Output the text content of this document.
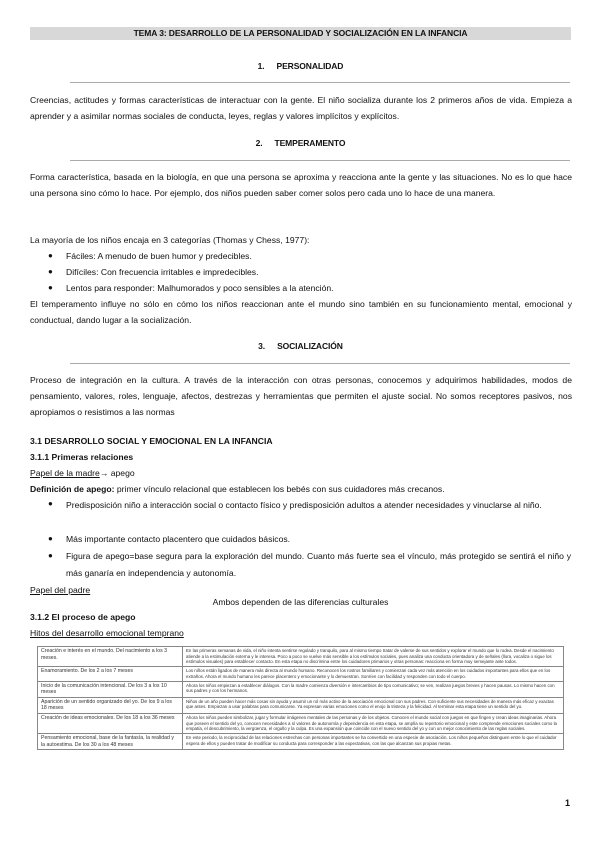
TEMA 3: DESARROLLO DE LA PERSONALIDAD Y SOCIALIZACIÓN EN LA INFANCIA
1. PERSONALIDAD
Creencias, actitudes y formas características de interactuar con la gente. El niño socializa durante los 2 primeros años de vida. Empieza a aprender y a asimilar normas sociales de conducta, leyes, reglas y valores implícitos y explícitos.
2. TEMPERAMENTO
Forma característica, basada en la biología, en que una persona se aproxima y reacciona ante la gente y las situaciones. No es lo que hace una persona sino cómo lo hace. Por ejemplo, dos niños pueden saber comer solos pero cada uno lo hace de una manera.
La mayoría de los niños encaja en 3 categorías (Thomas y Chess, 1977):
● Fáciles: A menudo de buen humor y predecibles.
● Difíciles: Con frecuencia irritables e impredecibles.
● Lentos para responder: Malhumorados y poco sensibles a la atención.
El temperamento influye no sólo en cómo los niños reaccionan ante el mundo sino también en su funcionamiento mental, emocional y conductual, dando lugar a la socialización.
3. SOCIALIZACIÓN
Proceso de integración en la cultura. A través de la interacción con otras personas, conocemos y adquirimos habilidades, modos de pensamiento, valores, roles, lenguaje, afectos, destrezas y herramientas que permiten el ajuste social. No somos receptores pasivos, nos apropiamos o resistimos a las normas
3.1 DESARROLLO SOCIAL Y EMOCIONAL EN LA INFANCIA
3.1.1 Primeras relaciones
Papel de la madre→ apego
Definición de apego: primer vínculo relacional que establecen los bebés con sus cuidadores más crecanos.
● Predisposición niño a interacción social o contacto físico y predisposición adultos a atender necesidades y vinuclarse al niño.
● Más importante contacto placentero que cuidados básicos.
● Figura de apego=base segura para la exploración del mundo. Cuanto más fuerte sea el vínculo, más protegido se sentirá el niño y más ganaría en independencia y autonomía.
Papel del padre
Ambos dependen de las diferencias culturales
3.1.2 El proceso de apego
Hitos del desarrollo emocional temprano
Creación e interés en el mundo. Del nacimiento a los 3 meses.	En las primeras semanas de vida, el niño intenta sentirse regulado y tranquilo, para al mismo tiempo tratar de valerse de sus sentidos y explorar el mundo que lo rodea. Desde el nacimiento atiende a la estimulación externa y le interesa. Poco a poco se vuelve más sensible a los estímulos sociales, pues analiza una conducta orientadora y de señales (llora, vocaliza o sigue los estímulos visuales) para establecer contacto. En esta etapa no discrimina entre los cuidadores primarios y otras personas: reacciona en forma muy semejante ante todos.
Enamoramiento. De los 2 a los 7 meses	Los niños están ligados de manera más directa al mundo humano. Reconocen los rostros familiares y comienzan cada vez más atención en los cuidados importantes para ellos que en los extraños. Ahora el mundo humano les parece placentero y emocionante y lo demuestran. Sonríen con facilidad y responden con todo el cuerpo.
Inicio de la comunicación intencional. De los 3 a los 10 meses	Ahora los niños empiezan a establecer diálogos. Con la madre comienza diversión e intercambios de tipo comunicativo; se ven, realizan juegos breves y hacen pausas. Lo mismo hacen con sus padres y con los hermanos.
Aparición de un sentido organizado del yo. De los 9 a los 18 meses	Niños de un año pueden hacer más cosas sin ayuda y asumir un rol más activo de la asociación emocional con sus padres. Con suficiente sus necesidades de manera más eficaz y exactas que antes. Empiezan a usar palabras para comunicarse. Ya expresan varias emociones como el enojo la tristeza y la felicidad. Al terminar esta etapa tiene un sentido del yo.
Creación de ideas emocionales. De los 18 a los 36 meses	Ahora los niños pueden simbolizar, jugar y formular imágenes mentales de las personas y de los objetos. Conocen el mundo social con juegos en que fingen y crean ideas imaginarias. Ahora que poseen el sentido del yo, conocen necesidades a sí valores de autonomía y dependencia en esta etapa, se amplía su repertorio emocional y este comprende emociones sociales como la empatía, el descubrimiento, la vergüenza, el orgullo y la culpa. Es una expansión que coincide con el nuevo sentido del yo y con un mejor conocimiento de las reglas sociales.
Pensamiento emocional, base de la fantasía, la realidad y la autoestima. De los 30 a los 48 meses	En este periodo, la reciprocidad de las relaciones estrechas con personas importantes se ha convertido en una especie de asociación. Los niños pequeños distinguen entre lo que el cuidador espera de ellos y pueden tratar de modificar su conducta para corresponder a las expectativas, con las que alcanzan sus propias metas.
1
